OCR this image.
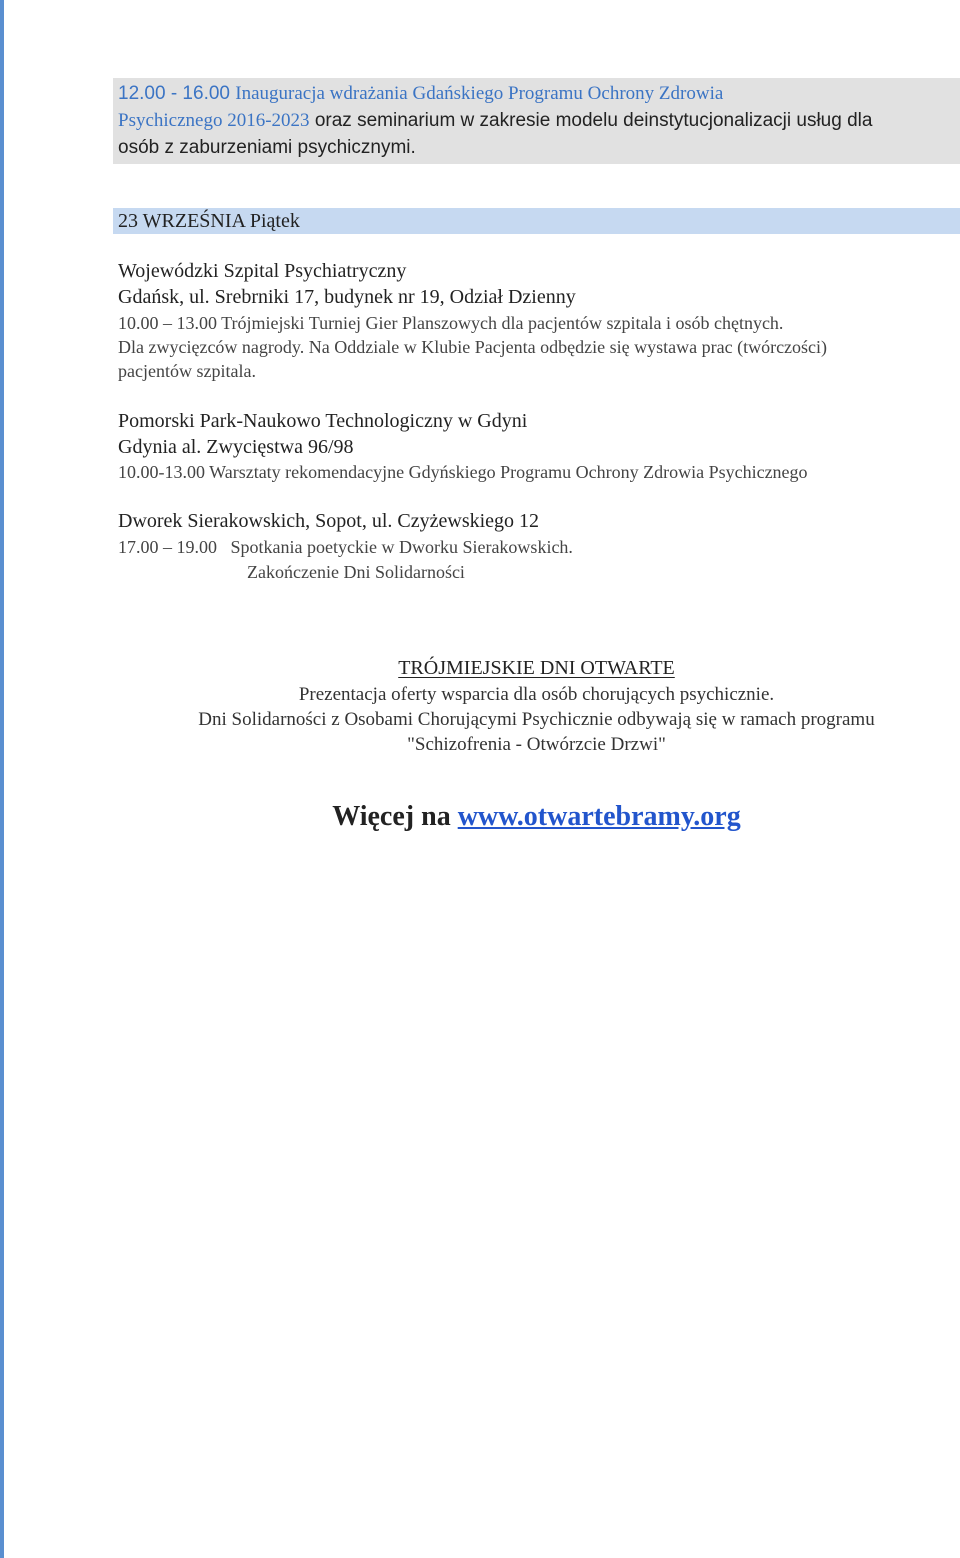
12.00 - 16.00 Inauguracja wdrażania Gdańskiego Programu Ochrony Zdrowia
Psychicznego 2016-2023 oraz seminarium w zakresie modelu deinstytucjonalizacji usług dla
osób z zaburzeniami psychicznymi.
23 WRZEŚNIA Piątek
Wojewódzki Szpital Psychiatryczny
Gdańsk, ul. Srebrniki 17, budynek nr 19, Odział Dzienny
10.00 – 13.00 Trójmiejski Turniej Gier Planszowych dla pacjentów szpitala i osób chętnych.
Dla zwycięzców nagrody. Na Oddziale w Klubie Pacjenta odbędzie się wystawa prac (twórczości)
pacjentów szpitala.
Pomorski Park-Naukowo Technologiczny w Gdyni
Gdynia al. Zwycięstwa 96/98
10.00-13.00 Warsztaty rekomendacyjne Gdyńskiego Programu Ochrony Zdrowia Psychicznego
Dworek Sierakowskich, Sopot, ul. Czyżewskiego 12
17.00 – 19.00 Spotkania poetyckie w Dworku Sierakowskich.
Zakończenie Dni Solidarności
TRÓJMIEJSKIE DNI OTWARTE
Prezentacja oferty wsparcia dla osób chorujących psychicznie.
Dni Solidarności z Osobami Chorującymi Psychicznie odbywają się w ramach programu
"Schizofrenia - Otwórzcie Drzwi"
Więcej na www.otwartebramy.org
